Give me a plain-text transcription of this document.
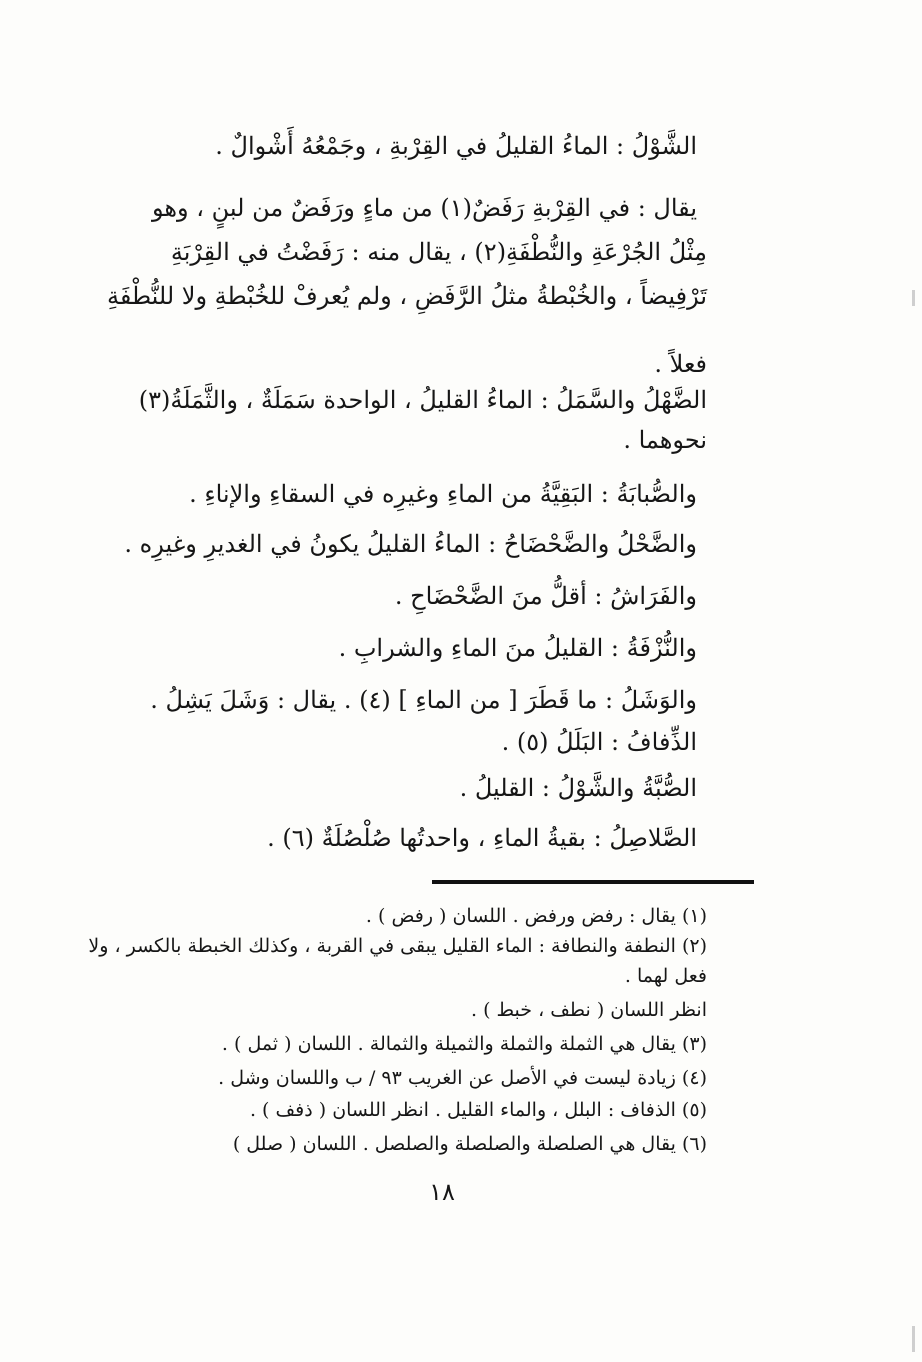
الشَّوْلُ : الماءُ القليلُ في القِرْبةِ ، وجَمْعُهُ أَشْوالٌ .
يقال : في القِرْبةِ رَفَضٌ(١) من ماءٍ ورَفَضٌ من لبنٍ ، وهو
مِثْلُ الجُرْعَةِ والنُّطْفَةِ(٢) ، يقال منه : رَفَضْتُ في القِرْبَةِ
تَرْفِيضاً ، والخُبْطةُ مثلُ الرَّفَضِ ، ولم يُعرفْ للخُبْطةِ ولا للنُّطْفَةِ
فعلاً .
الضَّهْلُ والسَّمَلُ : الماءُ القليلُ ، الواحدة سَمَلَةٌ ، والثَّمَلَةُ(٣)
نحوهما .
والصُّبابَةُ : البَقِيَّةُ من الماءِ وغيرِه في السقاءِ والإناءِ .
والضَّحْلُ والضَّحْضَاحُ : الماءُ القليلُ يكونُ في الغديرِ وغيرِه .
والفَرَاشُ : أقلُّ منَ الضَّحْضَاحِ .
والنُّزْفَةُ : القليلُ منَ الماءِ والشرابِ .
والوَشَلُ : ما قَطَرَ [ من الماءِ ] (٤) . يقال : وَشَلَ يَشِلُ .
الذِّفافُ : البَلَلُ (٥) .
الصُّبَّةُ والشَّوْلُ : القليلُ .
الصَّلاصِلُ : بقيةُ الماءِ ، واحدتُها صُلْصُلَةٌ (٦) .
(١) يقال : رفض ورفض . اللسان ( رفض ) .
(٢) النطفة والنطافة : الماء القليل يبقى في القربة ، وكذلك الخبطة بالكسر ، ولا
فعل لهما .
انظر اللسان ( نطف ، خبط ) .
(٣) يقال هي الثملة والثملة والثميلة والثمالة . اللسان ( ثمل ) .
(٤) زيادة ليست في الأصل عن الغريب ٩٣ / ب واللسان وشل .
(٥) الذفاف : البلل ، والماء القليل . انظر اللسان ( ذفف ) .
(٦) يقال هي الصلصلة والصلصلة والصلصل . اللسان ( صلل )
١٨
